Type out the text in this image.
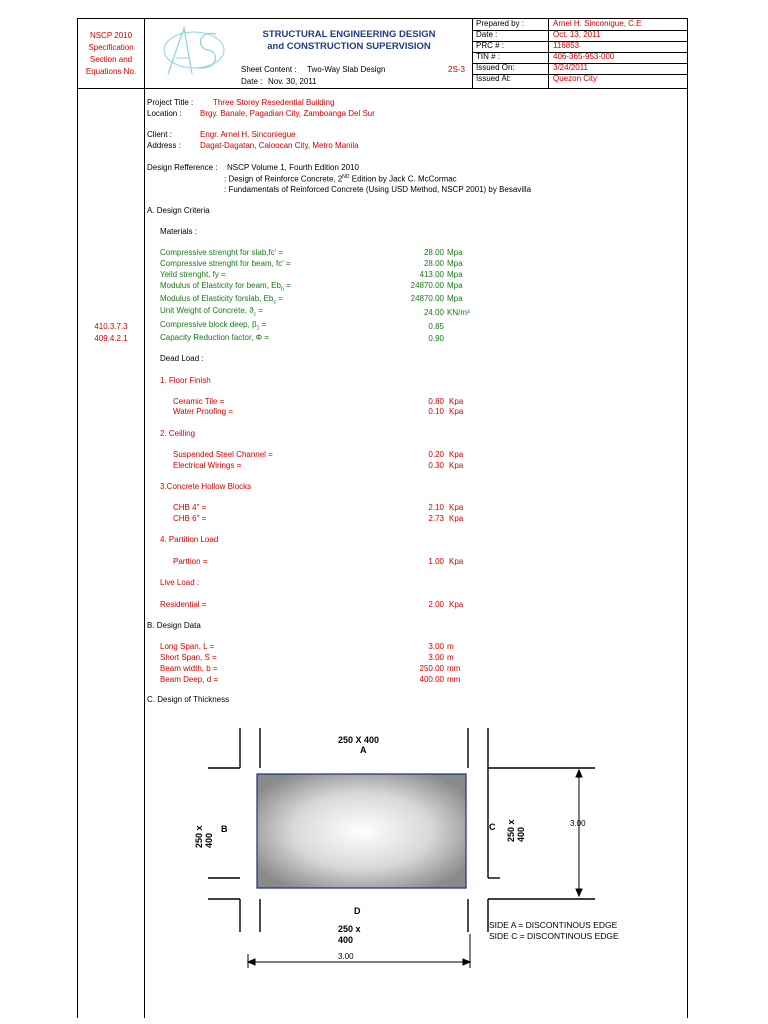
NSCP 2010
Specification
Section and
Equations No.
STRUCTURAL ENGINEERING DESIGN
and CONSTRUCTION SUPERVISION
Sheet Content : Two-Way Slab Design	2S-3
Date : Nov. 30, 2011
Prepared by :	Arnel H. Sinconigue, C.E
Date :	Oct. 13, 2011
PRC # :	116853
TIN # :	406-365-953-000
Issued On:	3/24/2011
Issued At:	Quezon City
410.3.7.3
409.4.2.1
Project Title : Three Storey Resedential Building
Location : Brgy. Banale, Pagadian City, Zamboanga Del Sur
Client :	Engr. Arnel H. Sinconiegue
Address : Dagat-Dagatan, Caloocan City, Metro Manila
Design Refference : NSCP Volume 1, Fourth Edition 2010
: Design of Reinforce Concrete, 2ND Edition by Jack C. McCormac
: Fundamentals of Reinforced Concrete (Using USD Method, NSCP 2001) by Besavilla
A. Design Criteria
Materials :
Compressive strenght for slab,fc' =	28.00 Mpa
Compressive strenght for beam, fc' =	28.00 Mpa
Yeild strenght, fy =	413.00 Mpa
Modulus of Elasticity for beam, $Eb_b$ =	24870.00 Mpa
Modulus of Elasticity forslab, $Eb_s$ =	24870.00 Mpa
Unit Weight of Concrete, $ϑ_c$ =	24.00 KN/m³
Compressive block deep, $\beta_1$ =	0.85
Capacity Reduction factor, Φ =	0.90
Dead Load :
1. Floor Finish
Ceramic Tile =	0.80 Kpa
Water Proofing =	0.10 Kpa
2. Ceilling
Suspended Steel Channel =	0.20 Kpa
Electrical Wirings =	0.30 Kpa
3.Concrete Hollow Blocks
CHB 4" =	2.10 Kpa
CHB 6" =	2.73 Kpa
4. Partition Load
Parttion =	1.00 Kpa
Live Load :
Residential =	2.00 Kpa
B. Design Data
Long Span, L =	3.00 m
Short Span, S =	3.00 m
Beam width, b =	250.00 mm
Beam Deep, d =	400.00 mm
C. Design of Thickness
250 X 400
A
250 x 400
B	C 250 x 400
3.00
D
250 x
400
3.00
SIDE A = DISCONTINOUS EDGE
SIDE C = DISCONTINOUS EDGE
